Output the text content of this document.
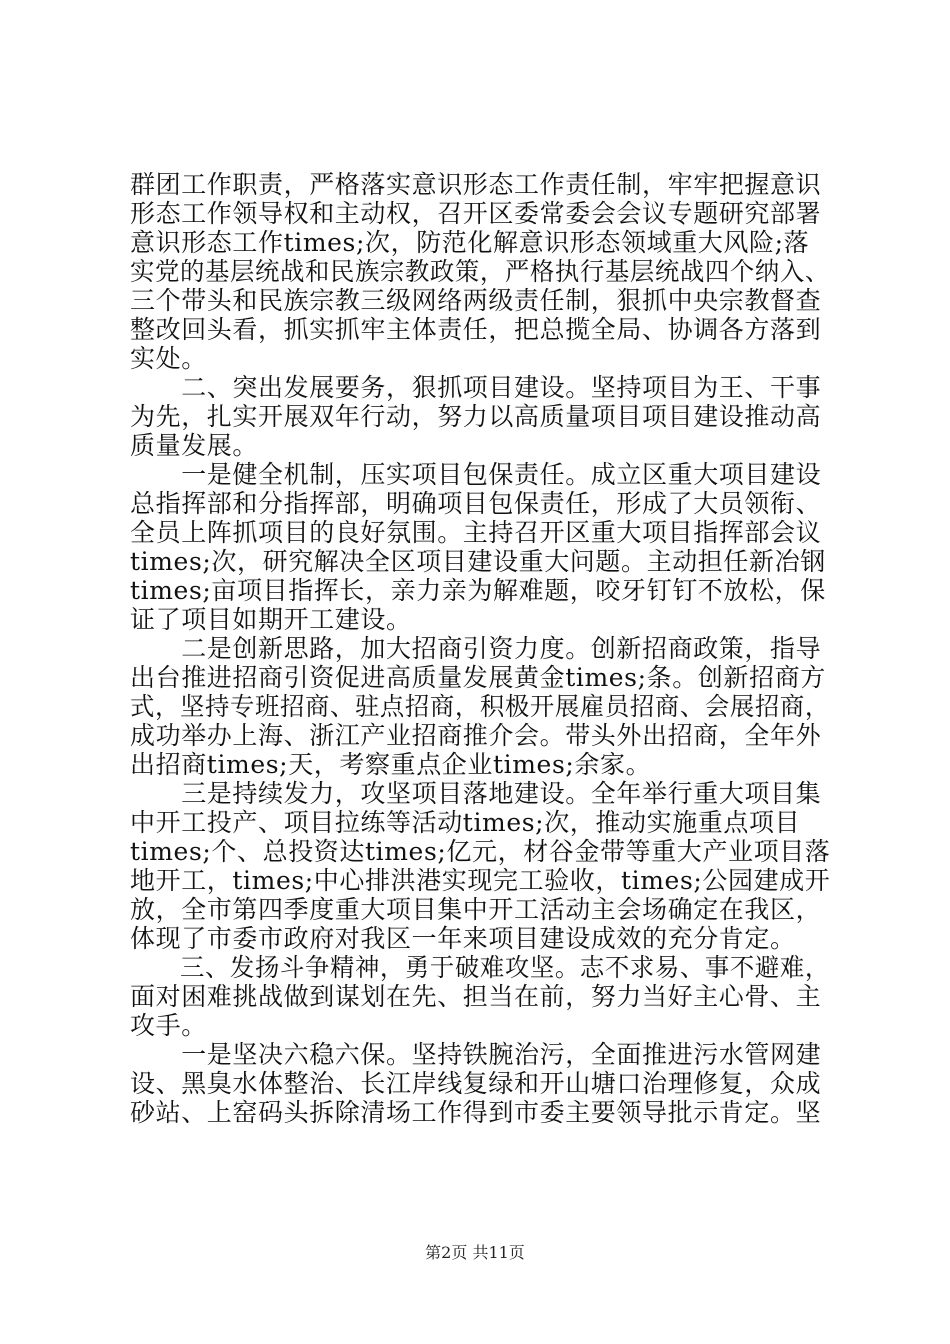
群团工作职责，严格落实意识形态工作责任制，牢牢把握意识
形态工作领导权和主动权，召开区委常委会会议专题研究部署
意识形态工作times;次，防范化解意识形态领域重大风险;落
实党的基层统战和民族宗教政策，严格执行基层统战四个纳入、
三个带头和民族宗教三级网络两级责任制，狠抓中央宗教督查
整改回头看，抓实抓牢主体责任，把总揽全局、协调各方落到
实处。
　　二、突出发展要务，狠抓项目建设。坚持项目为王、干事
为先，扎实开展双年行动，努力以高质量项目项目建设推动高
质量发展。
　　一是健全机制，压实项目包保责任。成立区重大项目建设
总指挥部和分指挥部，明确项目包保责任，形成了大员领衔、
全员上阵抓项目的良好氛围。主持召开区重大项目指挥部会议
times;次，研究解决全区项目建设重大问题。主动担任新冶钢
times;亩项目指挥长，亲力亲为解难题，咬牙钉钉不放松，保
证了项目如期开工建设。
　　二是创新思路，加大招商引资力度。创新招商政策，指导
出台推进招商引资促进高质量发展黄金times;条。创新招商方
式，坚持专班招商、驻点招商，积极开展雇员招商、会展招商，
成功举办上海、浙江产业招商推介会。带头外出招商，全年外
出招商times;天，考察重点企业times;余家。
　　三是持续发力，攻坚项目落地建设。全年举行重大项目集
中开工投产、项目拉练等活动times;次，推动实施重点项目
times;个、总投资达times;亿元，材谷金带等重大产业项目落
地开工，times;中心排洪港实现完工验收，times;公园建成开
放，全市第四季度重大项目集中开工活动主会场确定在我区，
体现了市委市政府对我区一年来项目建设成效的充分肯定。
　　三、发扬斗争精神，勇于破难攻坚。志不求易、事不避难，
面对困难挑战做到谋划在先、担当在前，努力当好主心骨、主
攻手。
　　一是坚决六稳六保。坚持铁腕治污，全面推进污水管网建
设、黑臭水体整治、长江岸线复绿和开山塘口治理修复，众成
砂站、上窑码头拆除清场工作得到市委主要领导批示肯定。坚
第2页 共11页
